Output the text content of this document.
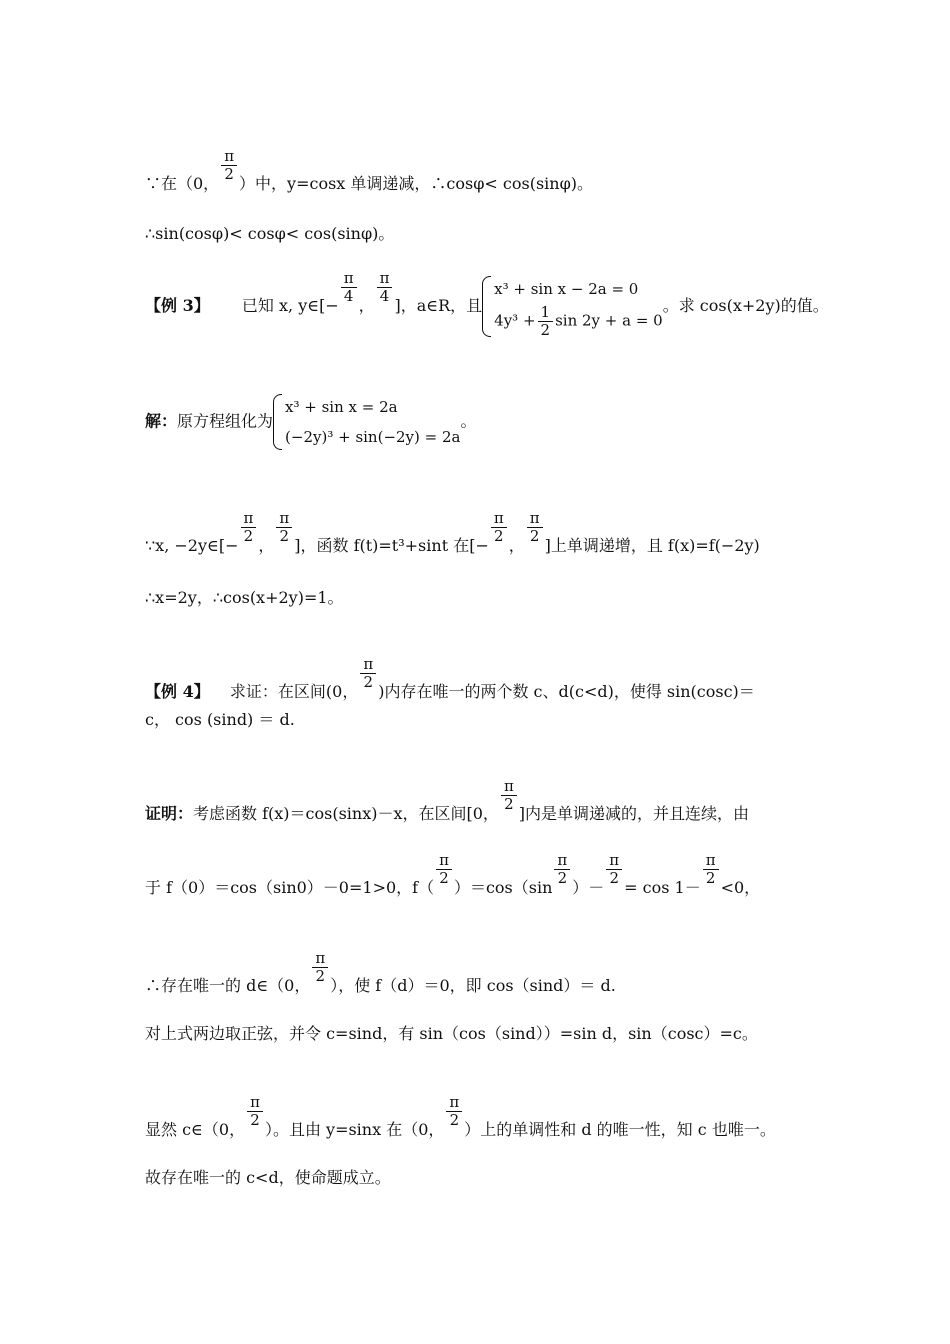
∵在（0，
$\frac{\pi}{2}$
）中，y=cosx 单调递减，∴cosφ< cos(sinφ)。
∴sin(cosφ)< cosφ< cos(sinφ)。
【例 3】 已知 x, y∈[−
$\frac{\pi}{4}$
，
$\frac{\pi}{4}$
]，a∈R，且
x³ + sin x − 2a = 0
$4y^3 + \frac{1}{2}$ sin 2y + a = 0
。求 cos(x+2y)的值。
解：原方程组化为
x³ + sin x = 2a
(−2y)³ + sin(−2y) = 2a
。
∵x, −2y∈[−
$\frac{\pi}{2}$
，
$\frac{\pi}{2}$
]，函数 f(t)=t³+sint 在[−
$\frac{\pi}{2}$
，
$\frac{\pi}{2}$
]上单调递增，且 f(x)=f(−2y)
∴x=2y，∴cos(x+2y)=1。
【例 4】 求证：在区间(0，
$\frac{\pi}{2}$
)内存在唯一的两个数 c、d(c<d)，使得 sin(cosc)＝
c， cos (sind) ＝ d.
证明：考虑函数 f(x)＝cos(sinx)－x，在区间[0，
$\frac{\pi}{2}$
]内是单调递减的，并且连续，由
于 f（0）＝cos（sin0）－0=1>0，f（
$\frac{\pi}{2}$
）＝cos（sin
$\frac{\pi}{2}$
）－
$\frac{\pi}{2}$
= cos 1－
$\frac{\pi}{2}$
<0，
∴存在唯一的 d∈（0，
$\frac{\pi}{2}$
），使 f（d）＝0，即 cos（sind）＝ d.
对上式两边取正弦，并令 c=sind，有 sin（cos（sind））=sin d，sin（cosc）=c。
显然 c∈（0，
$\frac{\pi}{2}$
）。且由 y=sinx 在（0，
$\frac{\pi}{2}$
）上的单调性和 d 的唯一性，知 c 也唯一。
故存在唯一的 c<d，使命题成立。
